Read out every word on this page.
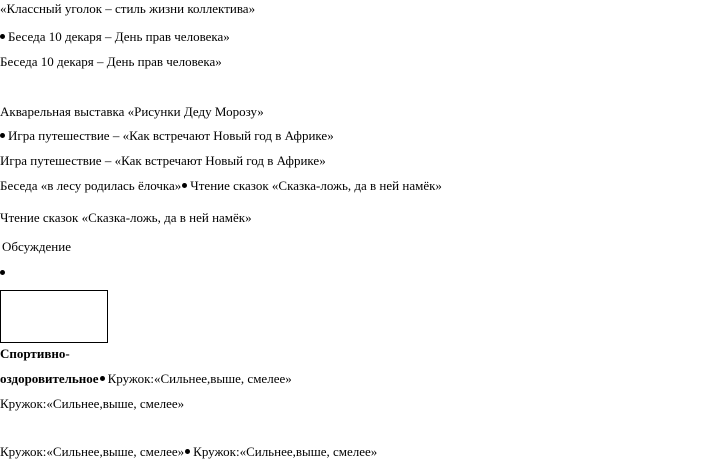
«Классный уголок – стиль жизни коллектива»
Беседа 10 декаря – День прав человека»
Беседа 10 декаря – День прав человека»
Акварельная выставка «Рисунки Деду Морозу»
Игра путешествие – «Как встречают Новый год в Африке»
Игра путешествие – «Как встречают Новый год в Африке»
Беседа «в лесу родилась ёлочка» Чтение сказок «Сказка-ложь, да в ней намёк»
Чтение сказок «Сказка-ложь, да в ней намёк»
Обсуждение
Спортивно-
оздоровительное Кружок:«Сильнее,выше, смелее»
Кружок:«Сильнее,выше, смелее»
Кружок:«Сильнее,выше, смелее» Кружок:«Сильнее,выше, смелее»
